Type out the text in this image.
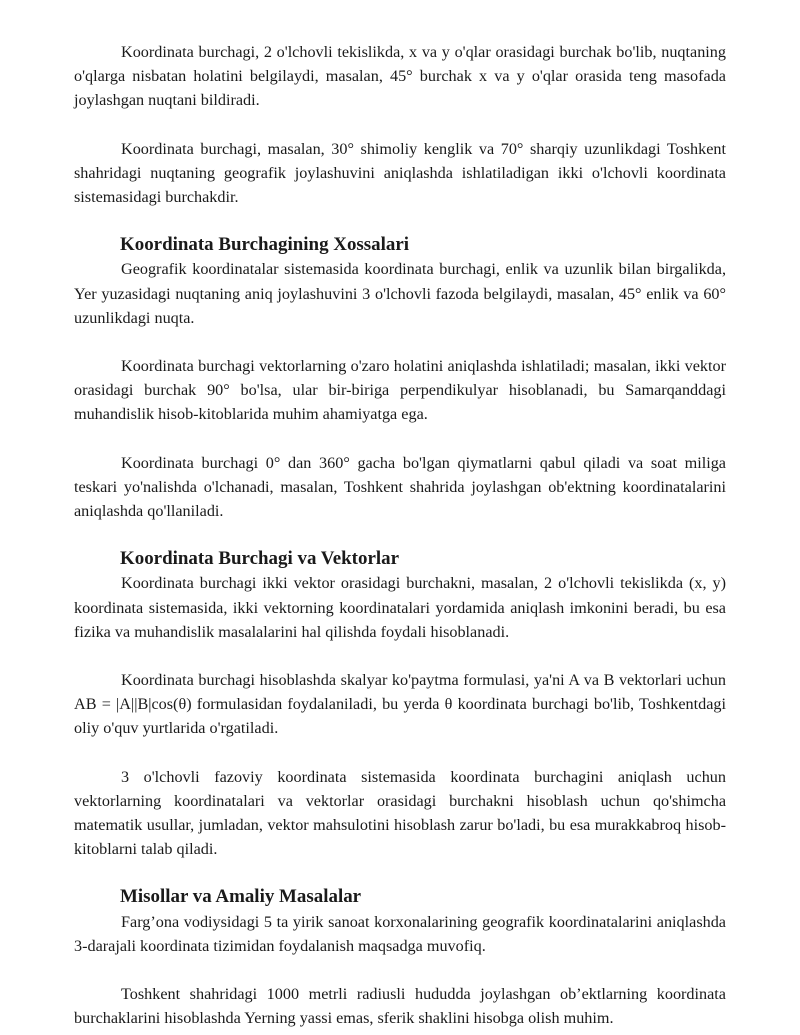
Koordinata burchagi, 2 o'lchovli tekislikda, x va y o'qlar orasidagi burchak bo'lib, nuqtaning o'qlarga nisbatan holatini belgilaydi, masalan, 45° burchak x va y o'qlar orasida teng masofada joylashgan nuqtani bildiradi.

Koordinata burchagi, masalan, 30° shimoliy kenglik va 70° sharqiy uzunlikdagi Toshkent shahridagi nuqtaning geografik joylashuvini aniqlashda ishlatiladigan ikki o'lchovli koordinata sistemasidagi burchakdir.

Koordinata Burchagining Xossalari

Geografik koordinatalar sistemasida koordinata burchagi, enlik va uzunlik bilan birgalikda, Yer yuzasidagi nuqtaning aniq joylashuvini 3 o'lchovli fazoda belgilaydi, masalan, 45° enlik va 60° uzunlikdagi nuqta.

Koordinata burchagi vektorlarning o'zaro holatini aniqlashda ishlatiladi; masalan, ikki vektor orasidagi burchak 90° bo'lsa, ular bir-biriga perpendikulyar hisoblanadi, bu Samarqanddagi muhandislik hisob-kitoblarida muhim ahamiyatga ega.

Koordinata burchagi 0° dan 360° gacha bo'lgan qiymatlarni qabul qiladi va soat miliga teskari yo'nalishda o'lchanadi, masalan, Toshkent shahrida joylashgan ob'ektning koordinatalarini aniqlashda qo'llaniladi.

Koordinata Burchagi va Vektorlar

Koordinata burchagi ikki vektor orasidagi burchakni, masalan, 2 o'lchovli tekislikda (x, y) koordinata sistemasida, ikki vektorning koordinatalari yordamida aniqlash imkonini beradi, bu esa fizika va muhandislik masalalarini hal qilishda foydali hisoblanadi.

Koordinata burchagi hisoblashda skalyar ko'paytma formulasi, ya'ni A va B vektorlari uchun AB = |A||B|cos(θ) formulasidan foydalaniladi, bu yerda θ koordinata burchagi bo'lib, Toshkentdagi oliy o'quv yurtlarida o'rgatiladi.

3 o'lchovli fazoviy koordinata sistemasida koordinata burchagini aniqlash uchun vektorlarning koordinatalari va vektorlar orasidagi burchakni hisoblash uchun qo'shimcha matematik usullar, jumladan, vektor mahsulotini hisoblash zarur bo'ladi, bu esa murakkabroq hisob-kitoblarni talab qiladi.

Misollar va Amaliy Masalalar

Farg’ona vodiysidagi 5 ta yirik sanoat korxonalarining geografik koordinatalarini aniqlashda 3-darajali koordinata tizimidan foydalanish maqsadga muvofiq.

Toshkent shahridagi 1000 metrli radiusli hududda joylashgan ob’ektlarning koordinata burchaklarini hisoblashda Yerning yassi emas, sferik shaklini hisobga olish muhim.
